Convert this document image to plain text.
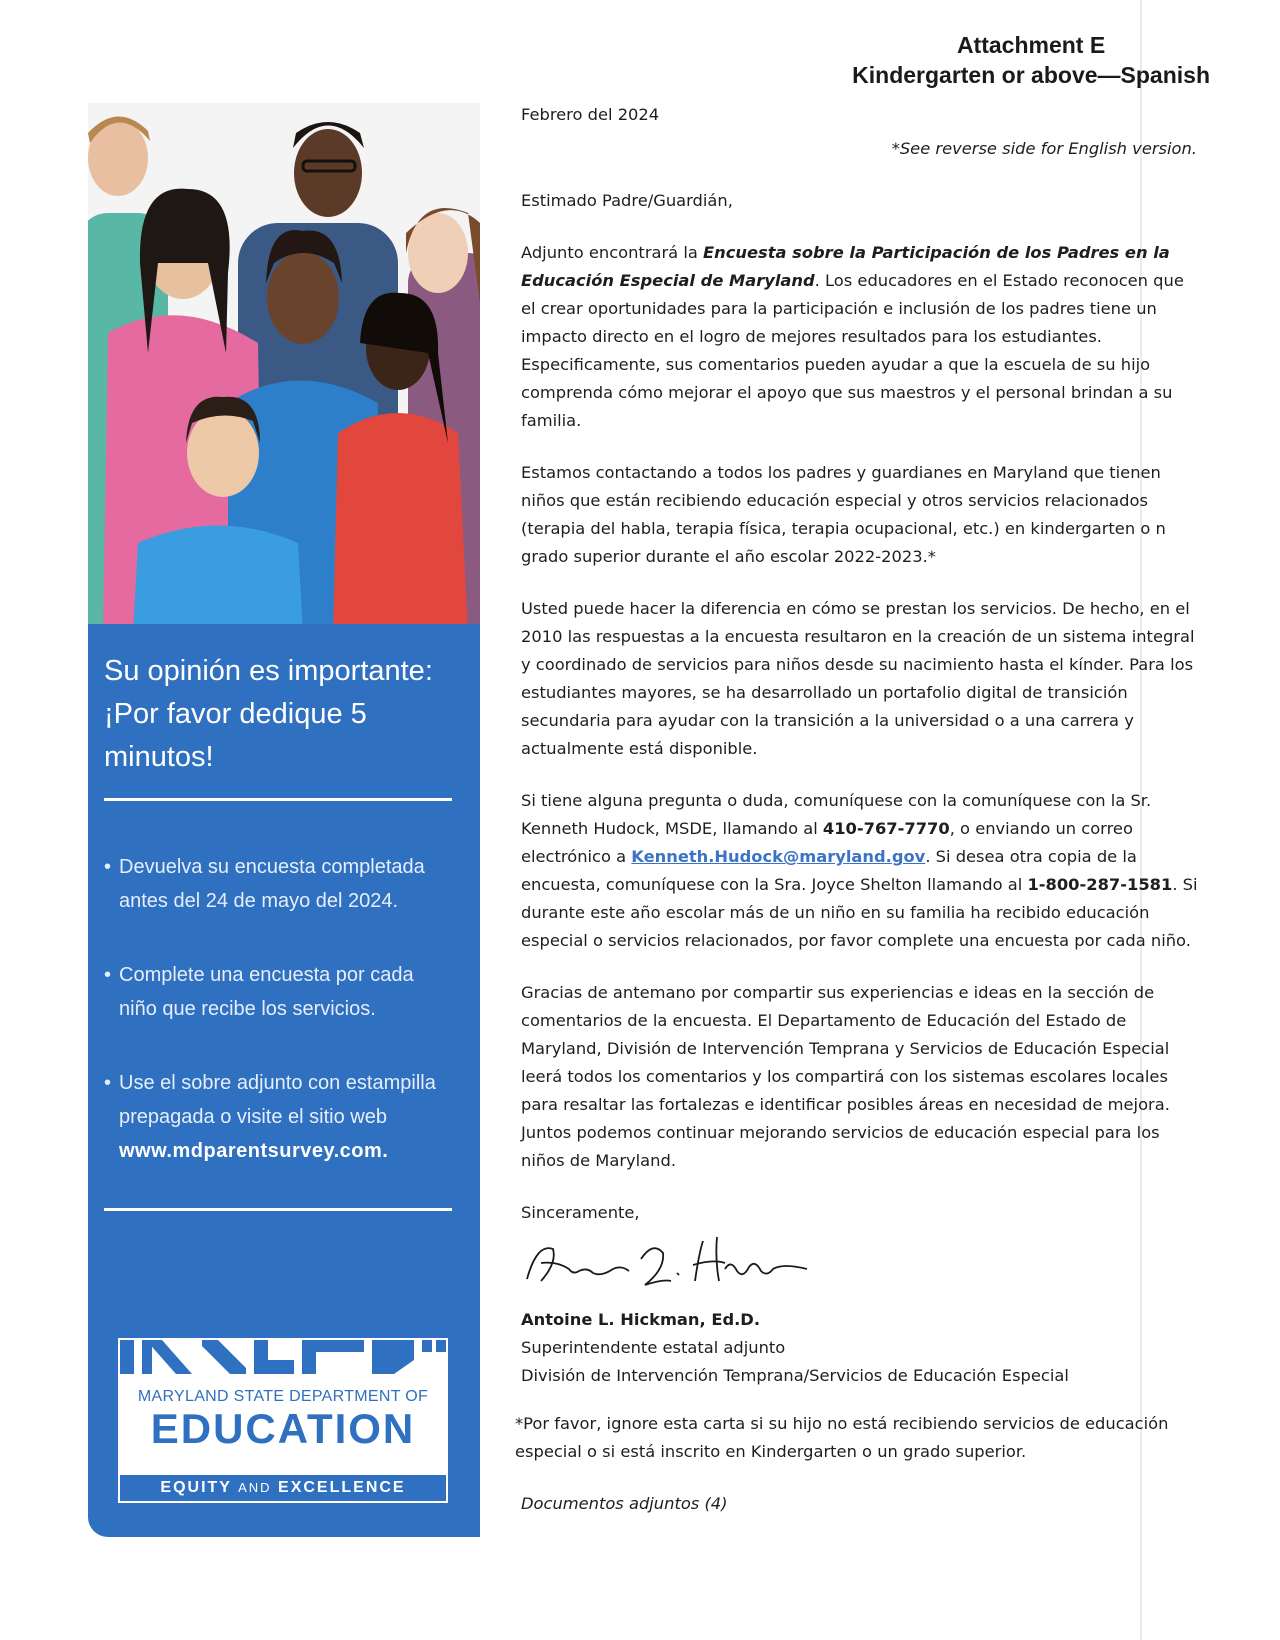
Attachment E
Kindergarten or above—Spanish
Su opinión es importante: ¡Por favor dedique 5 minutos!
• Devuelva su encuesta completada antes del 24 de mayo del 2024.
• Complete una encuesta por cada niño que recibe los servicios.
• Use el sobre adjunto con estampilla prepagada o visite el sitio web
www.mdparentsurvey.com.
MARYLAND STATE DEPARTMENT OF
EDUCATION
EQUITY AND EXCELLENCE

Febrero del 2024

*See reverse side for English version.

Estimado Padre/Guardián,

Adjunto encontrará la Encuesta sobre la Participación de los Padres en la Educación Especial de Maryland. Los educadores en el Estado reconocen que el crear oportunidades para la participación e inclusión de los padres tiene un impacto directo en el logro de mejores resultados para los estudiantes. Especificamente, sus comentarios pueden ayudar a que la escuela de su hijo comprenda cómo mejorar el apoyo que sus maestros y el personal brindan a su familia.

Estamos contactando a todos los padres y guardianes en Maryland que tienen niños que están recibiendo educación especial y otros servicios relacionados (terapia del habla, terapia física, terapia ocupacional, etc.) en kindergarten o n grado superior durante el año escolar 2022-2023.*

Usted puede hacer la diferencia en cómo se prestan los servicios. De hecho, en el 2010 las respuestas a la encuesta resultaron en la creación de un sistema integral y coordinado de servicios para niños desde su nacimiento hasta el kínder. Para los estudiantes mayores, se ha desarrollado un portafolio digital de transición secundaria para ayudar con la transición a la universidad o a una carrera y actualmente está disponible.

Si tiene alguna pregunta o duda, comuníquese con la comuníquese con la Sr. Kenneth Hudock, MSDE, llamando al 410-767-7770, o enviando un correo electrónico a Kenneth.Hudock@maryland.gov. Si desea otra copia de la encuesta, comuníquese con la Sra. Joyce Shelton llamando al 1-800-287-1581. Si durante este año escolar más de un niño en su familia ha recibido educación especial o servicios relacionados, por favor complete una encuesta por cada niño.

Gracias de antemano por compartir sus experiencias e ideas en la sección de comentarios de la encuesta. El Departamento de Educación del Estado de Maryland, División de Intervención Temprana y Servicios de Educación Especial leerá todos los comentarios y los compartirá con los sistemas escolares locales para resaltar las fortalezas e identificar posibles áreas en necesidad de mejora. Juntos podemos continuar mejorando servicios de educación especial para los niños de Maryland.

Sinceramente,
Antoine L. Hickman, Ed.D.
Superintendente estatal adjunto
División de Intervención Temprana/Servicios de Educación Especial

*Por favor, ignore esta carta si su hijo no está recibiendo servicios de educación especial o si está inscrito en Kindergarten o un grado superior.

Documentos adjuntos (4)
